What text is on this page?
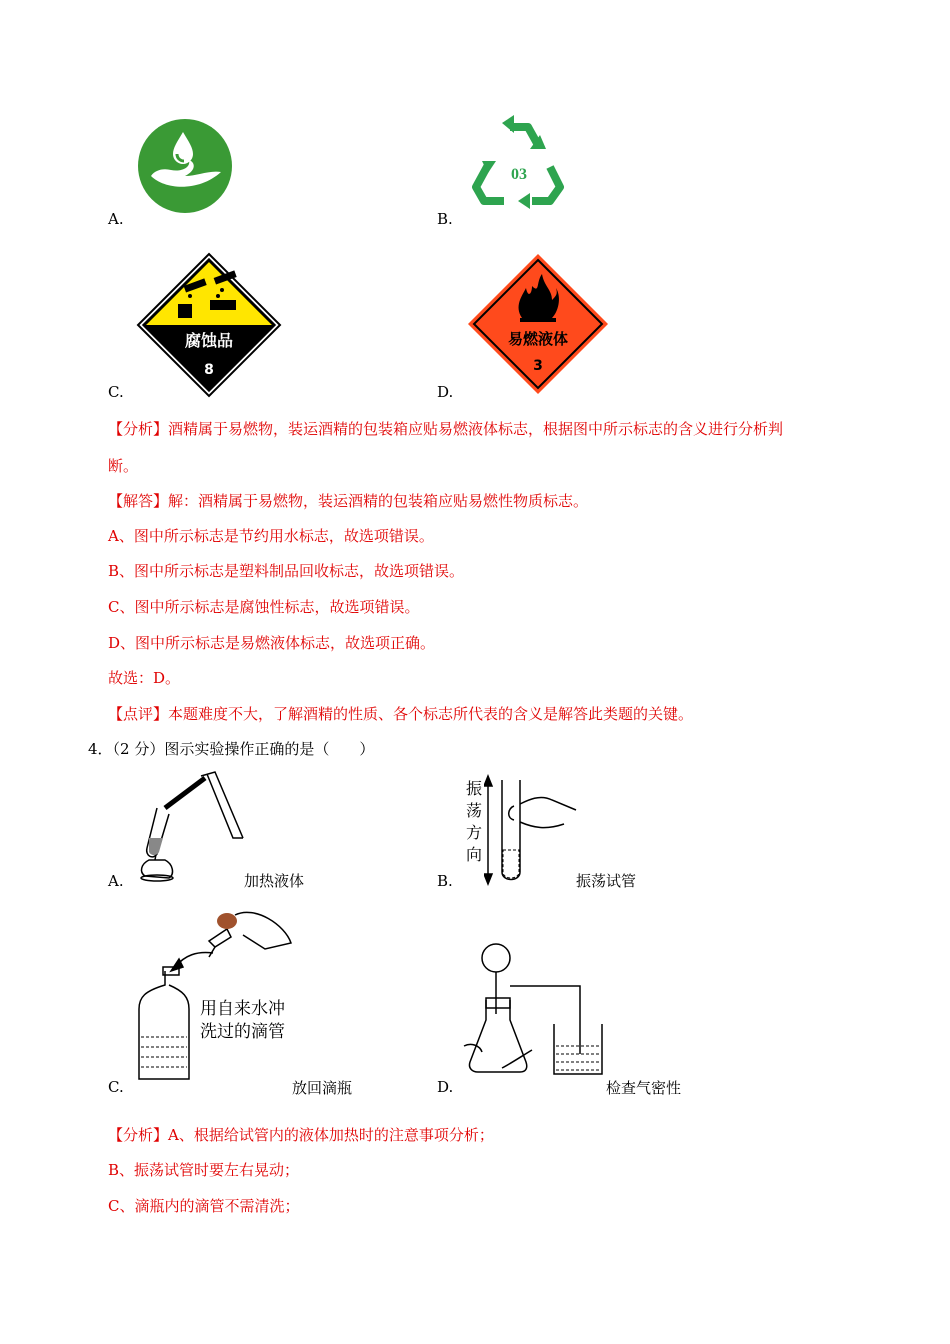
A.
03
B.
腐蚀品
8
C.
易燃液体
3
D.
【分析】酒精属于易燃物，装运酒精的包装箱应贴易燃液体标志，根据图中所示标志的含义进行分析判
断。
【解答】解：酒精属于易燃物，装运酒精的包装箱应贴易燃性物质标志。
A、图中所示标志是节约用水标志，故选项错误。
B、图中所示标志是塑料制品回收标志，故选项错误。
C、图中所示标志是腐蚀性标志，故选项错误。
D、图中所示标志是易燃液体标志，故选项正确。
故选：D。
【点评】本题难度不大，了解酒精的性质、各个标志所代表的含义是解答此类题的关键。
4．（2 分）图示实验操作正确的是（　　）
A.	加热液体
振
荡
方
向
B.	振荡试管
用自来水冲
洗过的滴管
C.	放回滴瓶	D.	检查气密性
【分析】A、根据给试管内的液体加热时的注意事项分析；
B、振荡试管时要左右晃动；
C、滴瓶内的滴管不需清洗；
